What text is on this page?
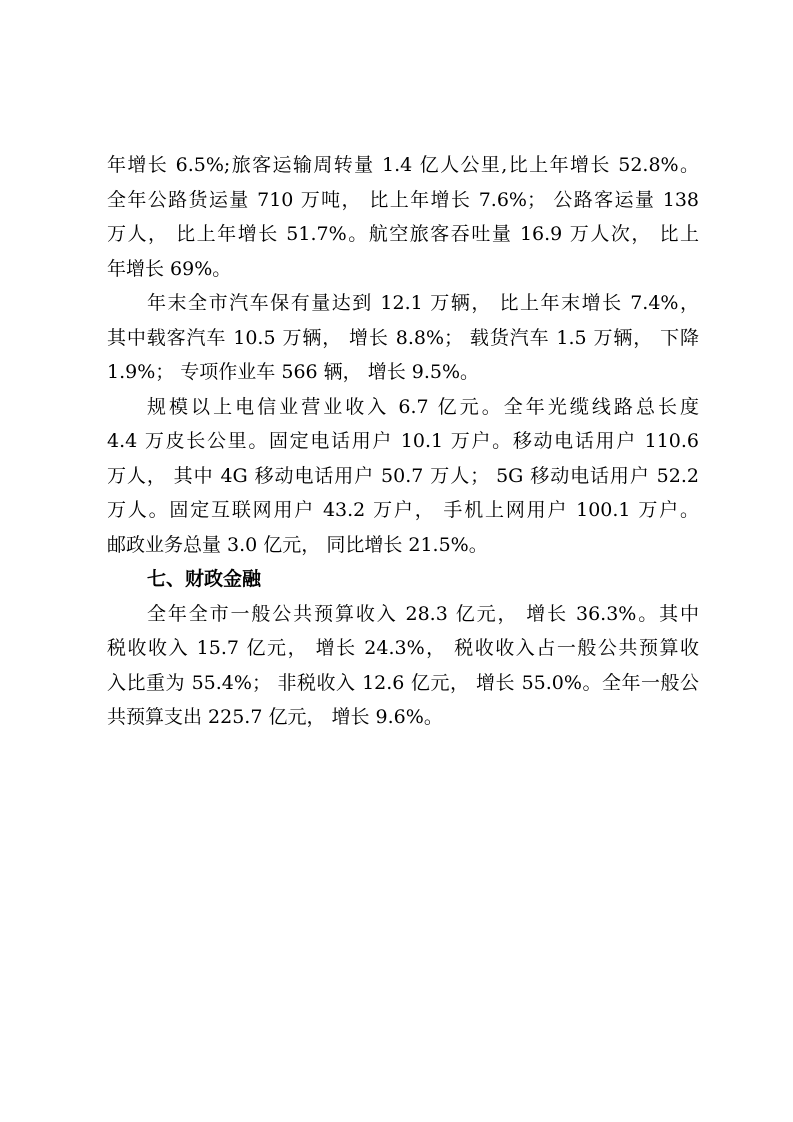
年增长 6.5%;旅客运输周转量 1.4 亿人公里,比上年增长 52.8%。
全年公路货运量 710 万吨， 比上年增长 7.6%； 公路客运量 138
万人， 比上年增长 51.7%。航空旅客吞吐量 16.9 万人次， 比上
年增长 69%。
年末全市汽车保有量达到 12.1 万辆， 比上年末增长 7.4%，
其中载客汽车 10.5 万辆， 增长 8.8%； 载货汽车 1.5 万辆， 下降
1.9%； 专项作业车 566 辆， 增长 9.5%。
规模以上电信业营业收入 6.7 亿元。全年光缆线路总长度
4.4 万皮长公里。固定电话用户 10.1 万户。移动电话用户 110.6
万人， 其中 4G 移动电话用户 50.7 万人； 5G 移动电话用户 52.2
万人。固定互联网用户 43.2 万户， 手机上网用户 100.1 万户。
邮政业务总量 3.0 亿元， 同比增长 21.5%。
七、财政金融
全年全市一般公共预算收入 28.3 亿元， 增长 36.3%。其中
税收收入 15.7 亿元， 增长 24.3%， 税收收入占一般公共预算收
入比重为 55.4%； 非税收入 12.6 亿元， 增长 55.0%。全年一般公
共预算支出 225.7 亿元， 增长 9.6%。
